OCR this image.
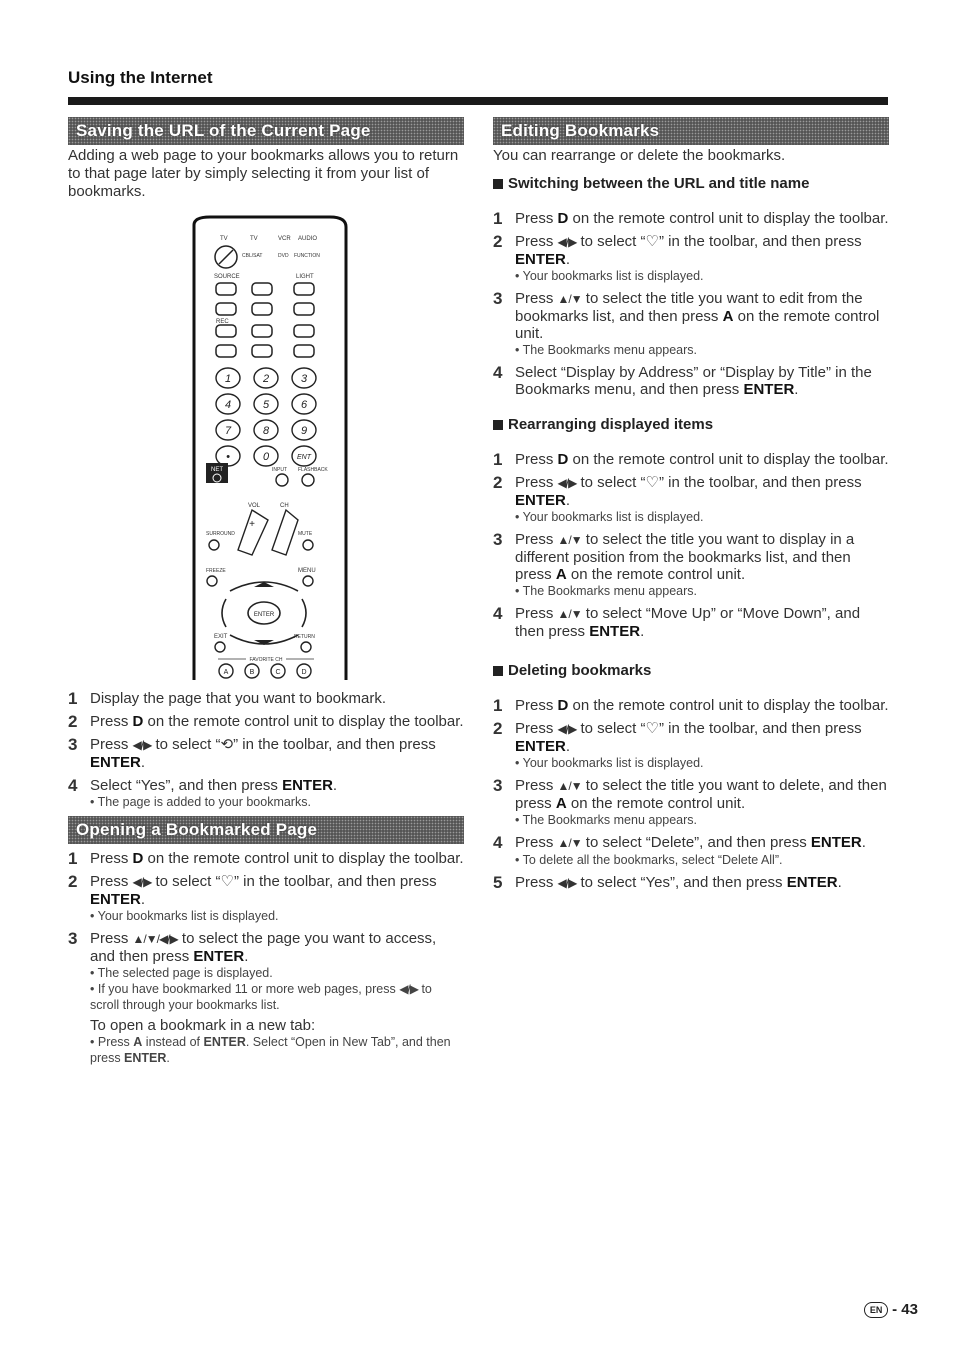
Using the Internet
Saving the URL of the Current Page

Adding a web page to your bookmarks allows you to return to that page later by simply selecting it from your list of bookmarks.

TV	TV	VCR AUDIO
CBL/SAT	DVD FUNCTION
SOURCE	LIGHT
REC
1	2	3
4	5	6
7	8	9
•	0	ENT
NET	INPUT FLASHBACK
VOL	CH
+
SURROUND	MUTE
FREEZE	MENU
ENTER
EXIT	RETURN
FAVORITE CH
A	B	C	D
1 Display the page that you want to bookmark.
2 Press D on the remote control unit to display the toolbar.
3 Press ◀/▶ to select “⟲” in the toolbar, and then press ENTER.
4 Select “Yes”, and then press ENTER.
• The page is added to your bookmarks.
Opening a Bookmarked Page
1 Press D on the remote control unit to display the toolbar.
2 Press ◀/▶ to select “♡” in the toolbar, and then press ENTER.
• Your bookmarks list is displayed.
3 Press ▲/▼/◀/▶ to select the page you want to access, and then press ENTER.
• The selected page is displayed.
• If you have bookmarked 11 or more web pages, press ◀/▶ to scroll through your bookmarks list.
To open a bookmark in a new tab:
• Press A instead of ENTER. Select “Open in New Tab”, and then press ENTER.
Editing Bookmarks

You can rearrange or delete the bookmarks.

Switching between the URL and title name
1 Press D on the remote control unit to display the toolbar.
2 Press ◀/▶ to select “♡” in the toolbar, and then press ENTER.
• Your bookmarks list is displayed.
3 Press ▲/▼ to select the title you want to edit from the bookmarks list, and then press A on the remote control unit.
• The Bookmarks menu appears.
4 Select “Display by Address” or “Display by Title” in the Bookmarks menu, and then press ENTER.
Rearranging displayed items
1 Press D on the remote control unit to display the toolbar.
2 Press ◀/▶ to select “♡” in the toolbar, and then press ENTER.
• Your bookmarks list is displayed.
3 Press ▲/▼ to select the title you want to display in a different position from the bookmarks list, and then press A on the remote control unit.
• The Bookmarks menu appears.
4 Press ▲/▼ to select “Move Up” or “Move Down”, and then press ENTER.
Deleting bookmarks
1 Press D on the remote control unit to display the toolbar.
2 Press ◀/▶ to select “♡” in the toolbar, and then press ENTER.
• Your bookmarks list is displayed.
3 Press ▲/▼ to select the title you want to delete, and then press A on the remote control unit.
• The Bookmarks menu appears.
4 Press ▲/▼ to select “Delete”, and then press ENTER.
• To delete all the bookmarks, select “Delete All”.
5 Press ◀/▶ to select “Yes”, and then press ENTER.
EN - 43
